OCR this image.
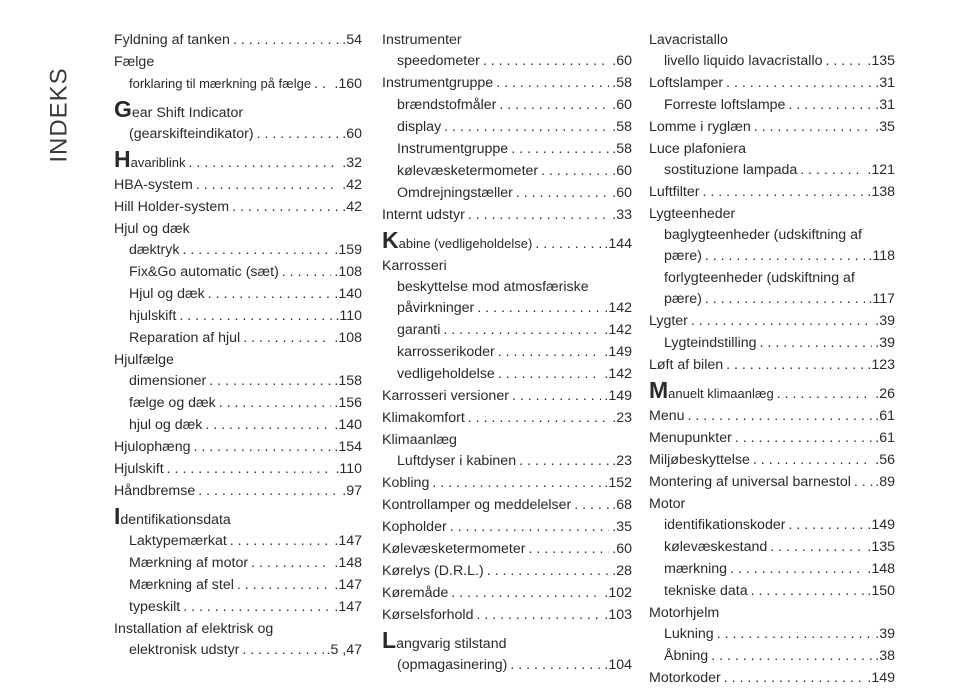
INDEKS
Fyldning af tanken . . .	.54
Fælge
forklaring til mærkning på fælge . . . .160
Gear Shift Indicator
(gearskifteindikator) . . .	.60
Havariblink . . .	.32
HBA-system . . .	.42
Hill Holder-system . . .	.42
Hjul og dæk
dæktryk . . .	.159
Fix&Go automatic (sæt) . . .	.108
Hjul og dæk . . .	.140
hjulskift . . .	.110
Reparation af hjul . . .	.108
Hjulfælge
dimensioner . . .	.158
fælge og dæk . . .	.156
hjul og dæk . . .	.140
Hjulophæng . . .	.154
Hjulskift . . .	.110
Håndbremse . . .	.97
Identifikationsdata
Laktypemærkat . . .	.147
Mærkning af motor . . .	.148
Mærkning af stel . . .	.147
typeskilt . . .	.147
Installation af elektrisk og
elektronisk udstyr . . .	.5 ,47
Instrumenter
speedometer . . .	.60
Instrumentgruppe . . .	.58
brændstofmåler . . .	.60
display . . .	.58
Instrumentgruppe . . .	.58
kølevæsketermometer . . .	.60
Omdrejningstæller . . .	.60
Internt udstyr . . .	.33
Kabine (vedligeholdelse) . . .	.144
Karrosseri
beskyttelse mod atmosfæriske
påvirkninger . . .	.142
garanti . . .	.142
karrosserikoder . . .	.149
vedligeholdelse . . .	.142
Karrosseri versioner . . .	.149
Klimakomfort . . .	.23
Klimaanlæg
Luftdyser i kabinen . . .	.23
Kobling . . .	.152
Kontrollamper og meddelelser . . .	.68
Kopholder . . .	.35
Kølevæsketermometer . . .	.60
Kørelys (D.R.L.) . . .	.28
Køremåde . . .	.102
Kørselsforhold . . .	.103
Langvarig stilstand
(opmagasinering) . . .	.104
Lavacristallo
livello liquido lavacristallo . . .	.135
Loftslamper . . .	.31
Forreste loftslampe . . .	.31
Lomme i ryglæn . . .	.35
Luce plafoniera
sostituzione lampada . . .	.121
Luftfilter . . .	.138
Lygteenheder
baglygteenheder (udskiftning af
pære) . . .	.118
forlygteenheder (udskiftning af
pære) . . .	.117
Lygter . . .	.39
Lygteindstilling . . .	.39
Løft af bilen . . .	.123
Manuelt klimaanlæg . . .	.26
Menu . . .	.61
Menupunkter . . .	.61
Miljøbeskyttelse . . .	.56
Montering af universal barnestol . . . .89
Motor
identifikationskoder . . .	.149
kølevæskestand . . .	.135
mærkning . . .	.148
tekniske data . . .	.150
Motorhjelm
Lukning . . .	.39
Åbning . . .	.38
Motorkoder . . .	.149
